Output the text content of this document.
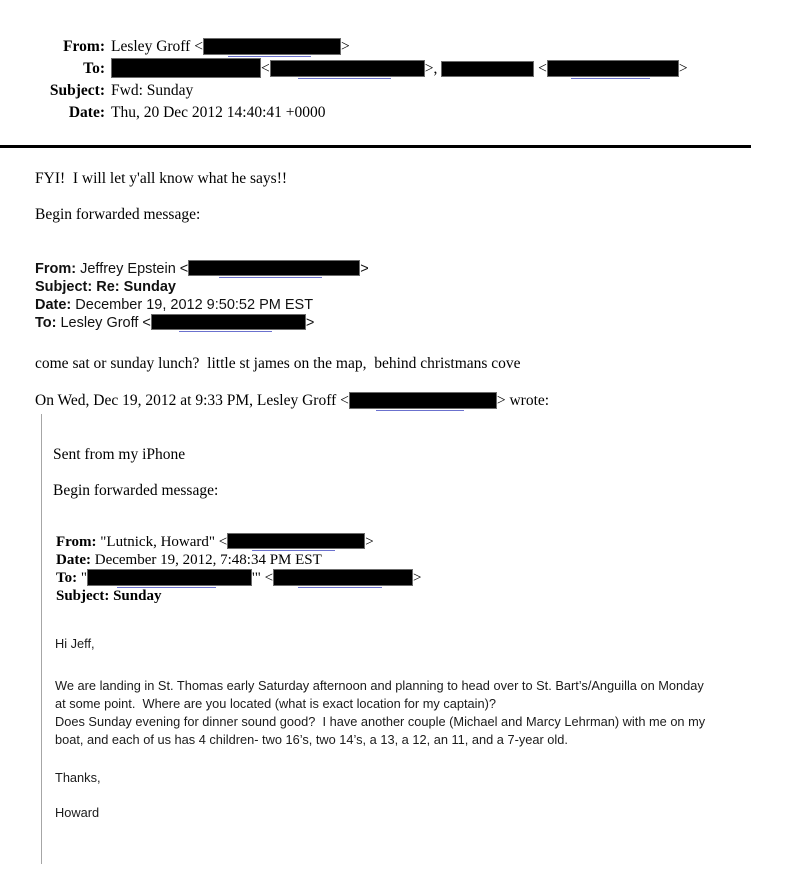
From: Lesley Groff <	>
To:	<	>,	<	>
Subject: Fwd: Sunday
Date: Thu, 20 Dec 2012 14:40:41 +0000
FYI!  I will let y'all know what he says!!
Begin forwarded message:
From: Jeffrey Epstein <	>
Subject: Re: Sunday
Date: December 19, 2012 9:50:52 PM EST
To: Lesley Groff <	>
come sat or sunday lunch?  little st james on the map,  behind christmans cove
On Wed, Dec 19, 2012 at 9:33 PM, Lesley Groff <	> wrote:
Sent from my iPhone
Begin forwarded message:
From: "Lutnick, Howard" <	>
Date: December 19, 2012, 7:48:34 PM EST
To: "	'" <	>
Subject: Sunday
Hi Jeff,
We are landing in St. Thomas early Saturday afternoon and planning to head over to St. Bart’s/Anguilla on Monday
at some point.  Where are you located (what is exact location for my captain)?
Does Sunday evening for dinner sound good?  I have another couple (Michael and Marcy Lehrman) with me on my
boat, and each of us has 4 children- two 16’s, two 14’s, a 13, a 12, an 11, and a 7-year old.
Thanks,
Howard
